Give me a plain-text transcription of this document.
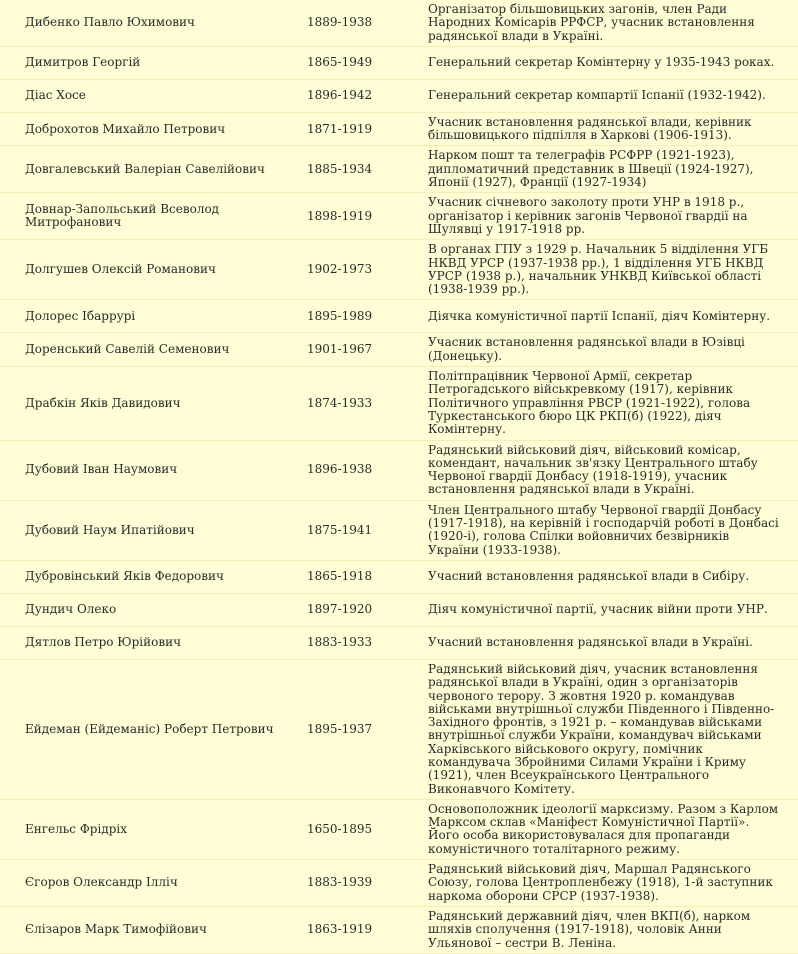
Дибенко Павло Юхимович	1889-1938	Організатор більшовицьких загонів, член Ради Народних Комісарів РРФСР, учасник встановлення радянської влади в Україні.
Димитров Георгій	1865-1949	Генеральний секретар Комінтерну у 1935-1943 роках.
Діас Хосе	1896-1942	Генеральний секретар компартії Іспанії (1932-1942).
Доброхотов Михайло Петрович	1871-1919	Учасник встановлення радянської влади, керівник більшовицького підпілля в Харкові (1906-1913).
Довгалевський Валеріан Савелійович	1885-1934	Нарком пошт та телеграфів РСФРР (1921-1923), дипломатичний представник в Швеції (1924-1927), Японії (1927), Франції (1927-1934)
Довнар-Запольський Всеволод Митрофанович	1898-1919	Учасник січневого заколоту проти УНР в 1918 р., організатор і керівник загонів Червоної гвардії на Шулявці у 1917-1918 рр.
Долгушев Олексій Романович	1902-1973	В органах ГПУ з 1929 р. Начальник 5 відділення УГБ НКВД УРСР (1937-1938 рр.), 1 відділення УГБ НКВД УРСР (1938 р.), начальник УНКВД Київської області (1938-1939 рр.).
Долорес Ібаррурі	1895-1989	Діячка комуністичної партії Іспанії, діяч Комінтерну.
Доренський Савелій Семенович	1901-1967	Учасник встановлення радянської влади в Юзівці (Донецьку).
Драбкін Яків Давидович	1874-1933	Політпрацівник Червоної Армії, секретар Петрогадського військревкому (1917), керівник Політичного управління РВСР (1921-1922), голова Туркестанського бюро ЦК РКП(б) (1922), діяч Комінтерну.
Дубовий Іван Наумович	1896-1938	Радянський військовий діяч, військовий комісар, комендант, начальник зв'язку Центрального штабу Червоної гвардії Донбасу (1918-1919), учасник встановлення радянської влади в Україні.
Дубовий Наум Ипатійович	1875-1941	Член Центрального штабу Червоної гвардії Донбасу (1917-1918), на керівній і господарчій роботі в Донбасі (1920-і), голова Спілки войовничих безвірників України (1933-1938).
Дубровінський Яків Федорович	1865-1918	Учасний встановлення радянської влади в Сибіру.
Дундич Олеко	1897-1920	Діяч комуністичної партії, учасник війни проти УНР.
Дятлов Петро Юрійович	1883-1933	Учасний встановлення радянської влади в Україні.
Ейдеман (Ейдеманіс) Роберт Петрович	1895-1937	Радянський військовий діяч, учасник встановлення радянської влади в Україні, один з організаторів червоного терору. З жовтня 1920 р. командував військами внутрішньої служби Південного і Південно-Західного фронтів, з 1921 р. – командував військами внутрішньої служби України, командувач військами Харківського військового округу, помічник командувача Збройними Силами України і Криму (1921), член Всеукраїнського Центрального Виконавчого Комітету.
Енгельс Фрідріх	1650-1895	Основоположник ідеології марксизму. Разом з Карлом Марксом склав «Маніфест Комуністичної Партії». Його особа використовувалася для пропаганди комуністичного тоталітарного режиму.
Єгоров Олександр Ілліч	1883-1939	Радянський військовий діяч, Маршал Радянського Союзу, голова Центропленбежу (1918), 1-й заступник наркома оборони СРСР (1937-1938).
Єлізаров Марк Тимофійович	1863-1919	Радянський державний діяч, член ВКП(б), нарком шляхів сполучення (1917-1918), чоловік Анни Ульянової – сестри В. Леніна.
